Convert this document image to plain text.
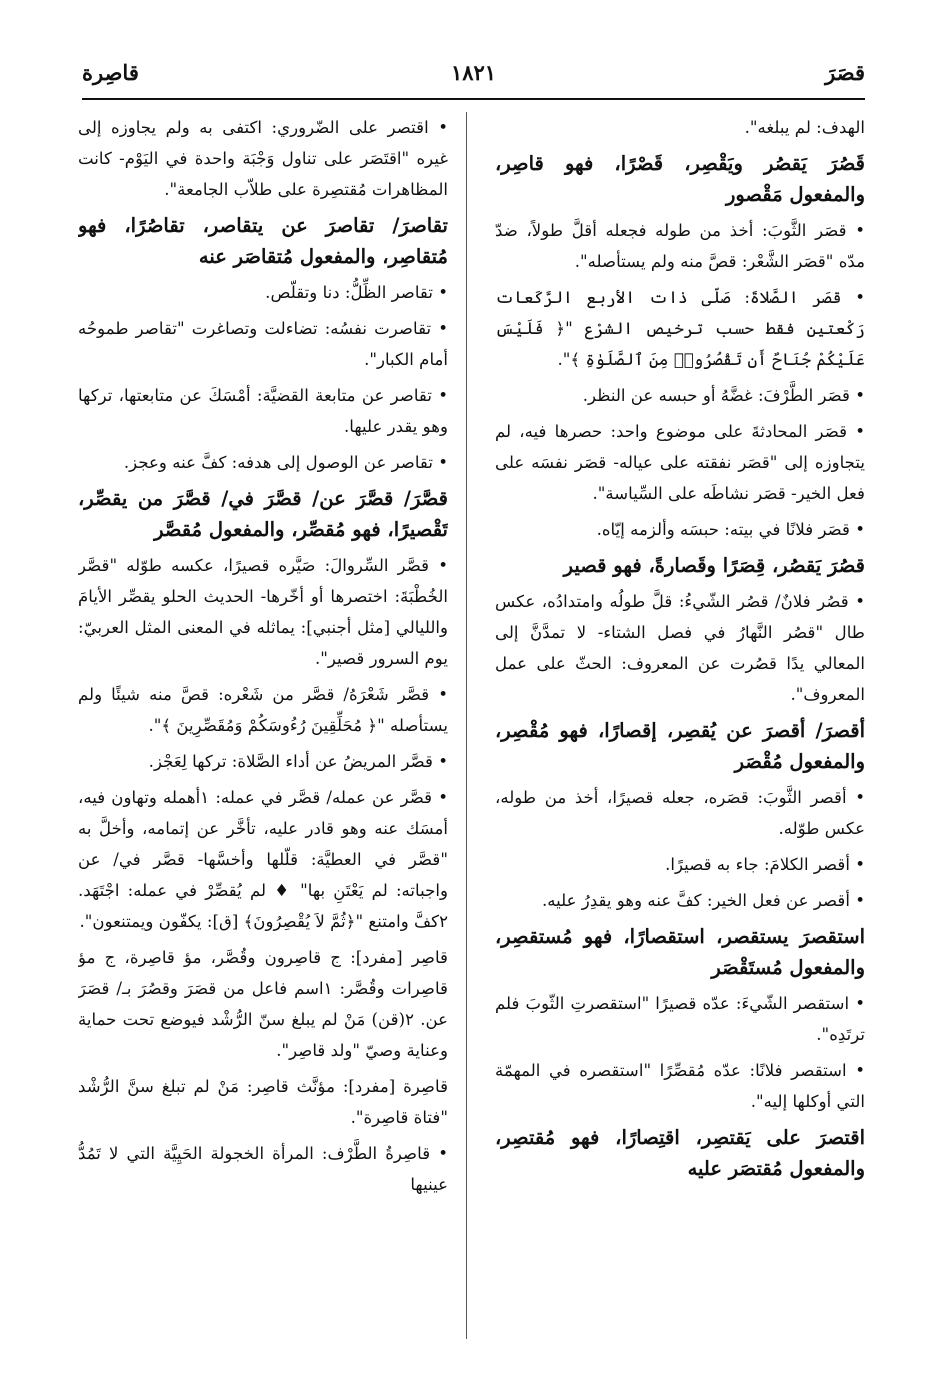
قصَرَ
١٨٢١
قاصِرة

الهدف: لم يبلغه".

قَصُرَ يَقصُر ويَقْصِر، قَصْرًا، فهو قاصِر، والمفعول مَقْصور

• قصَر الثَّوبَ: أخذ من طوله فجعله أقلَّ طولاً، ضدّ مدّه "قصَر الشَّعْر: قصَّ منه ولم يستأصله".

• قصَر الصَّلاةَ: صَلّى ذات الأربع الرَّكَعات رَكْعتين فقط حسب ترخيص الشرْع "﴿ فَلَيْسَ عَلَيْكُمْ جُنَاحٌ أَن تَقْصُرُوا۟ مِنَ ٱلصَّلَوٰةِ ﴾".

• قصَر الطَّرْفَ: غضَّهُ أو حبسه عن النظر.

• قصَر المحادثةَ على موضوع واحد: حصرها فيه، لم يتجاوزه إلى "قصَر نفقته على عياله- قصَر نفسَه على فعل الخير- قصَر نشاطَه على السِّياسة".

• قصَر فلانًا في بيته: حبسَه وألزمه إيّاه.

قصُرَ يَقصُر، قِصَرًا وقَصارةً، فهو قصير

• قصُر فلانٌ/ قصُر الشّيءُ: قلَّ طولُه وامتدادُه، عكس طال "قصُر النَّهارُ في فصل الشتاء- لا تمدَّنَّ إلى المعالي يدًا قصُرت عن المعروف: الحثّ على عمل المعروف".

أقصرَ/ أقصرَ عن يُقصِر، إقصارًا، فهو مُقْصِر، والمفعول مُقْصَر

• أقصر الثَّوبَ: قصَره، جعله قصيرًا، أخذ من طوله، عكس طوّله.

• أقصر الكلامَ: جاء به قصيرًا.

• أقصر عن فعل الخير: كفَّ عنه وهو يقدِرُ عليه.

استقصرَ يستقصر، استقصارًا، فهو مُستقصِر، والمفعول مُستَقْصَر

• استقصر الشّيءَ: عدّه قصيرًا "استقصرتِ الثّوبَ فلم ترتَدِه".

• استقصر فلانًا: عدّه مُقصِّرًا "استقصره في المهمّة التي أوكلها إليه".

اقتصرَ على يَقتصِر، اقتِصارًا، فهو مُقتصِر، والمفعول مُقتصَر عليه

• اقتصر على الضّروري: اكتفى به ولم يجاوزه إلى غيره "اقتَصَر على تناول وَجْبَة واحدة في اليَوْم- كانت المظاهرات مُقتصِرة على طلاّب الجامعة".

تقاصرَ/ تقاصرَ عن يتقاصر، تقاصُرًا، فهو مُتقاصِر، والمفعول مُتقاصَر عنه

• تقاصر الظِّلُّ: دنا وتقلّص.

• تقاصرت نفسُه: تضاءلت وتصاغرت "تقاصر طموحُه أمام الكبار".

• تقاصر عن متابعة القضيَّة: أمْسَكَ عن متابعتها، تركها وهو يقدر عليها.

• تقاصر عن الوصول إلى هدفه: كفَّ عنه وعجز.

قصَّرَ/ قصَّرَ عن/ قصَّرَ في/ قصَّرَ من يقصِّر، تَقْصيرًا، فهو مُقصِّر، والمفعول مُقصَّر

• قصَّر السِّروالَ: صَيَّره قصيرًا، عكسه طوّله "قصَّر الخُطْبَةَ: اختصرها أو أخّرها- الحديث الحلو يقصِّر الأيامَ والليالي [مثل أجنبي]: يماثله في المعنى المثل العربيّ: يوم السرور قصير".

• قصَّر شَعْرَهُ/ قصَّر من شَعْره: قصَّ منه شيئًا ولم يستأصله "﴿ مُحَلِّقِينَ رُءُوسَكُمْ وَمُقَصِّرِينَ ﴾".

• قصَّر المريضُ عن أداء الصَّلاة: تركها لِعَجْز.

• قصَّر عن عمله/ قصَّر في عمله: ١أهمله وتهاون فيه، أمسَك عنه وهو قادر عليه، تأخَّر عن إتمامه، وأخلَّ به "قصَّر في العطيَّة: قلّلها وأخسَّها- قصَّر في/ عن واجباته: لم يَعْتَنِ بها" ♦ لم يُقصِّرْ في عمله: اجْتَهَد. ٢كفَّ وامتنع "﴿ثُمَّ لاَ يُقْصِرُونَ﴾ [ق]: يكفّون ويمتنعون".

قاصِر [مفرد]: ج قاصِرون وقُصَّر، مؤ قاصِرة، ج مؤ قاصِرات وقُصَّر: ١اسم فاعل من قصَرَ وقصُرَ بـ/ قصَرَ عن. ٢(قن) مَنْ لم يبلغ سنّ الرُّشْد فيوضع تحت حماية وعناية وصيّ "ولد قاصِر".

قاصِرة [مفرد]: مؤنَّث قاصِر: مَنْ لم تبلغ سنَّ الرُّشْد "فتاة قاصِرة".

• قاصِرةُ الطَّرْف: المرأة الخجولة الحَيِيَّة التي لا تَمُدُّ عينيها
